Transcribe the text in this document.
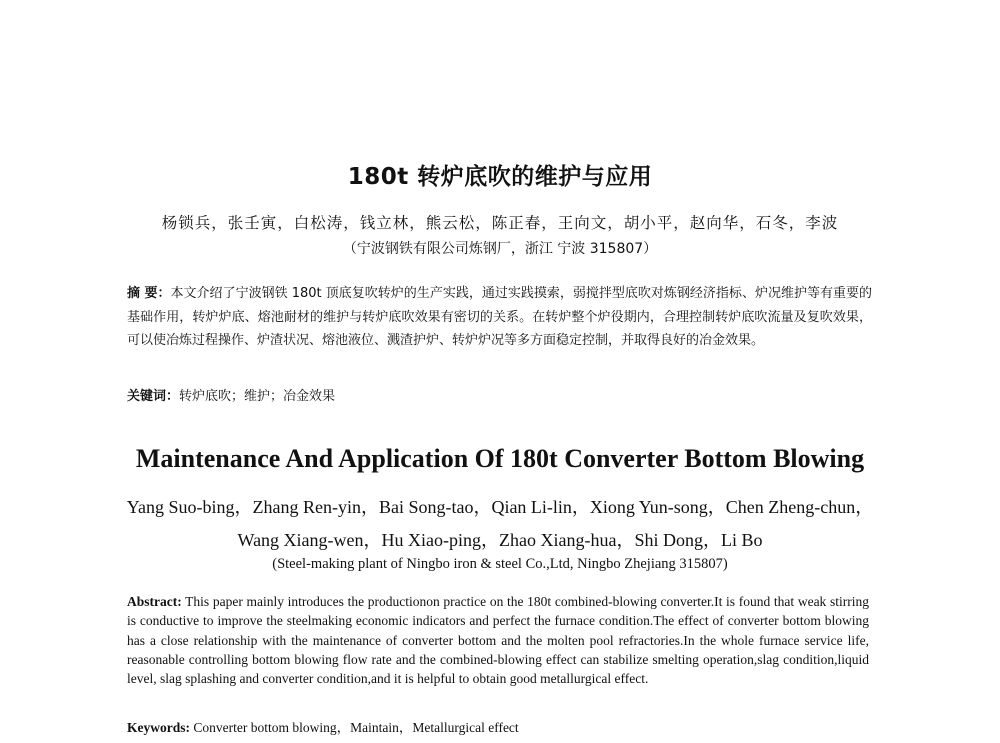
180t 转炉底吹的维护与应用
杨锁兵，张壬寅，白松涛，钱立林，熊云松，陈正春，王向文，胡小平，赵向华，石冬，李波
（宁波钢铁有限公司炼钢厂，浙江 宁波 315807）
摘 要：本文介绍了宁波钢铁 180t 顶底复吹转炉的生产实践，通过实践摸索，弱搅拌型底吹对炼钢经济指标、炉况维护等有重要的基础作用，转炉炉底、熔池耐材的维护与转炉底吹效果有密切的关系。在转炉整个炉役期内，合理控制转炉底吹流量及复吹效果，可以使冶炼过程操作、炉渣状况、熔池液位、溅渣护炉、转炉炉况等多方面稳定控制，并取得良好的冶金效果。
关键词：转炉底吹；维护；冶金效果
Maintenance And Application Of 180t Converter Bottom Blowing
Yang Suo-bing，Zhang Ren-yin，Bai Song-tao，Qian Li-lin，Xiong Yun-song，Chen Zheng-chun，
Wang Xiang-wen，Hu Xiao-ping，Zhao Xiang-hua，Shi Dong，Li Bo
(Steel-making plant of Ningbo iron & steel Co.,Ltd, Ningbo Zhejiang 315807)
Abstract: This paper mainly introduces the productionon practice on the 180t combined-blowing converter.It is found that weak stirring is conductive to improve the steelmaking economic indicators and perfect the furnace condition.The effect of converter bottom blowing has a close relationship with the maintenance of converter bottom and the molten pool refractories.In the whole furnace service life, reasonable controlling bottom blowing flow rate and the combined-blowing effect can stabilize smelting operation,slag condition,liquid level, slag splashing and converter condition,and it is helpful to obtain good metallurgical effect.
Keywords: Converter bottom blowing，Maintain，Metallurgical effect
